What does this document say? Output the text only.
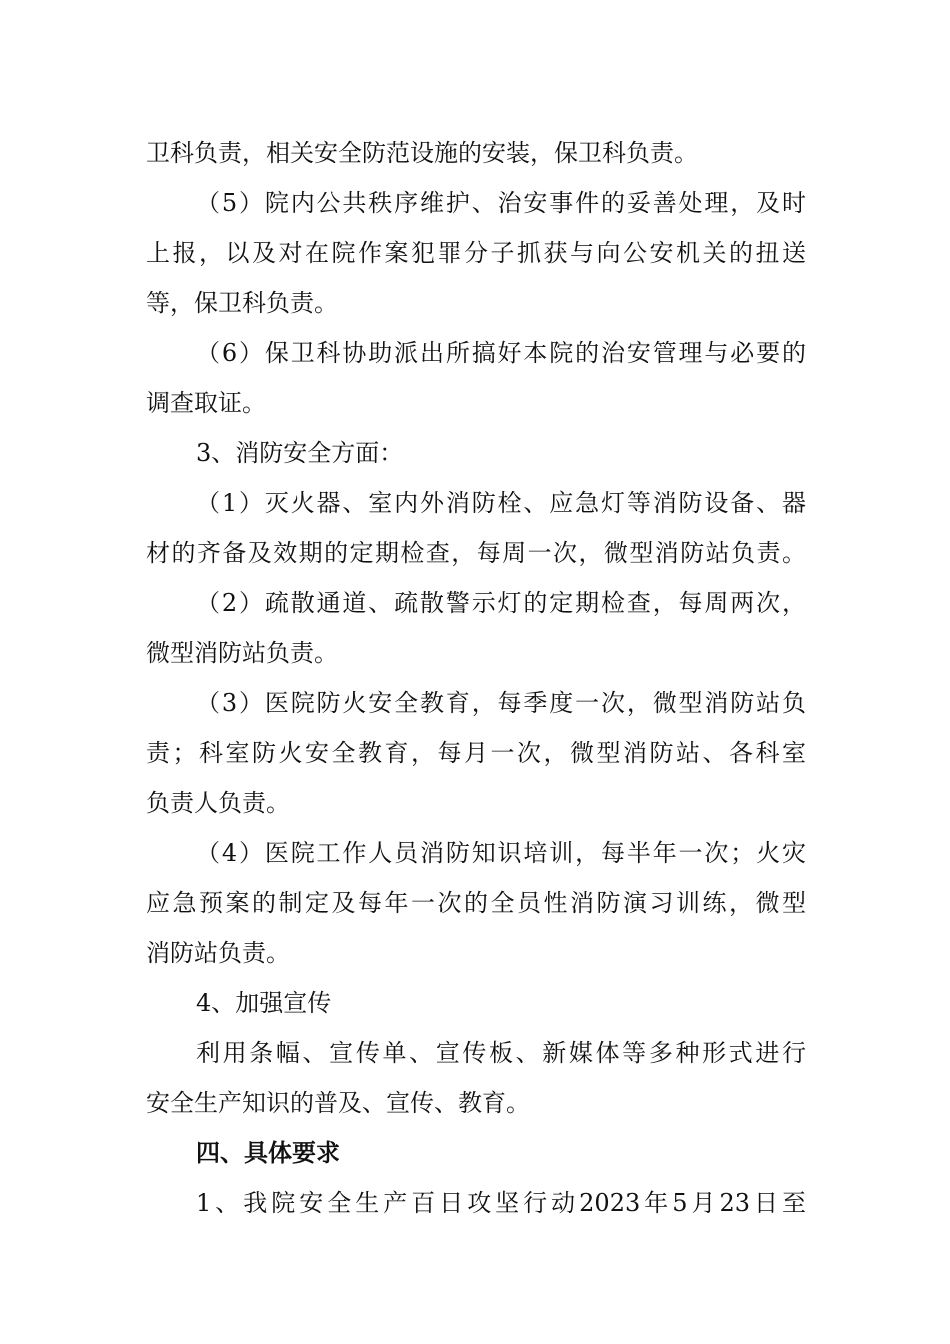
卫科负责，相关安全防范设施的安装，保卫科负责。
（5）院内公共秩序维护、治安事件的妥善处理，及时
上报，以及对在院作案犯罪分子抓获与向公安机关的扭送
等，保卫科负责。
（6）保卫科协助派出所搞好本院的治安管理与必要的
调查取证。
3、消防安全方面：
（1）灭火器、室内外消防栓、应急灯等消防设备、器
材的齐备及效期的定期检查，每周一次，微型消防站负责。
（2）疏散通道、疏散警示灯的定期检查，每周两次，
微型消防站负责。
（3）医院防火安全教育，每季度一次，微型消防站负
责；科室防火安全教育，每月一次，微型消防站、各科室
负责人负责。
（4）医院工作人员消防知识培训，每半年一次；火灾
应急预案的制定及每年一次的全员性消防演习训练，微型
消防站负责。
4、加强宣传
利用条幅、宣传单、宣传板、新媒体等多种形式进行
安全生产知识的普及、宣传、教育。
四、具体要求
1、我院安全生产百日攻坚行动2023年5月23日至
